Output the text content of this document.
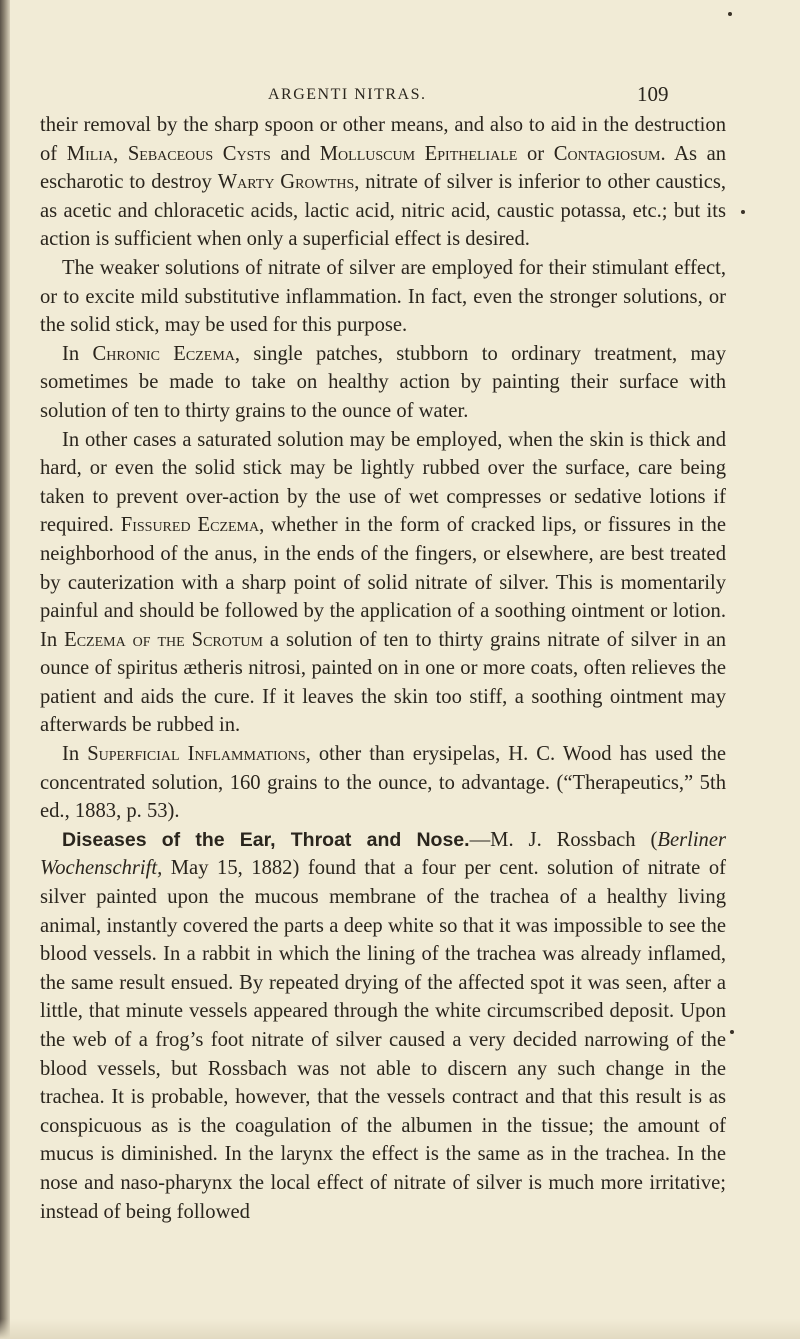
ARGENTI NITRAS.	109

their removal by the sharp spoon or other means, and also to aid in the destruction of Milia, Sebaceous Cysts and Molluscum Epitheliale or Contagiosum. As an escharotic to destroy Warty Growths, nitrate of silver is inferior to other caustics, as acetic and chloracetic acids, lactic acid, nitric acid, caustic potassa, etc.; but its action is sufficient when only a superficial effect is desired.

The weaker solutions of nitrate of silver are employed for their stimulant effect, or to excite mild substitutive inflammation. In fact, even the stronger solutions, or the solid stick, may be used for this purpose.

In Chronic Eczema, single patches, stubborn to ordinary treatment, may sometimes be made to take on healthy action by painting their surface with solution of ten to thirty grains to the ounce of water.

In other cases a saturated solution may be employed, when the skin is thick and hard, or even the solid stick may be lightly rubbed over the surface, care being taken to prevent over-action by the use of wet compresses or sedative lotions if required. Fissured Eczema, whether in the form of cracked lips, or fissures in the neighborhood of the anus, in the ends of the fingers, or elsewhere, are best treated by cauterization with a sharp point of solid nitrate of silver. This is momentarily painful and should be followed by the application of a soothing ointment or lotion. In Eczema of the Scrotum a solution of ten to thirty grains nitrate of silver in an ounce of spiritus ætheris nitrosi, painted on in one or more coats, often relieves the patient and aids the cure. If it leaves the skin too stiff, a soothing ointment may afterwards be rubbed in.

In Superficial Inflammations, other than erysipelas, H. C. Wood has used the concentrated solution, 160 grains to the ounce, to advantage. (“Therapeutics,” 5th ed., 1883, p. 53).

Diseases of the Ear, Throat and Nose.—M. J. Rossbach (Berliner Wochenschrift, May 15, 1882) found that a four per cent. solution of nitrate of silver painted upon the mucous membrane of the trachea of a healthy living animal, instantly covered the parts a deep white so that it was impossible to see the blood vessels. In a rabbit in which the lining of the trachea was already inflamed, the same result ensued. By repeated drying of the affected spot it was seen, after a little, that minute vessels appeared through the white circumscribed deposit. Upon the web of a frog’s foot nitrate of silver caused a very decided narrowing of the blood vessels, but Rossbach was not able to discern any such change in the trachea. It is probable, however, that the vessels contract and that this result is as conspicuous as is the coagulation of the albumen in the tissue; the amount of mucus is diminished. In the larynx the effect is the same as in the trachea. In the nose and naso-pharynx the local effect of nitrate of silver is much more irritative; instead of being followed
